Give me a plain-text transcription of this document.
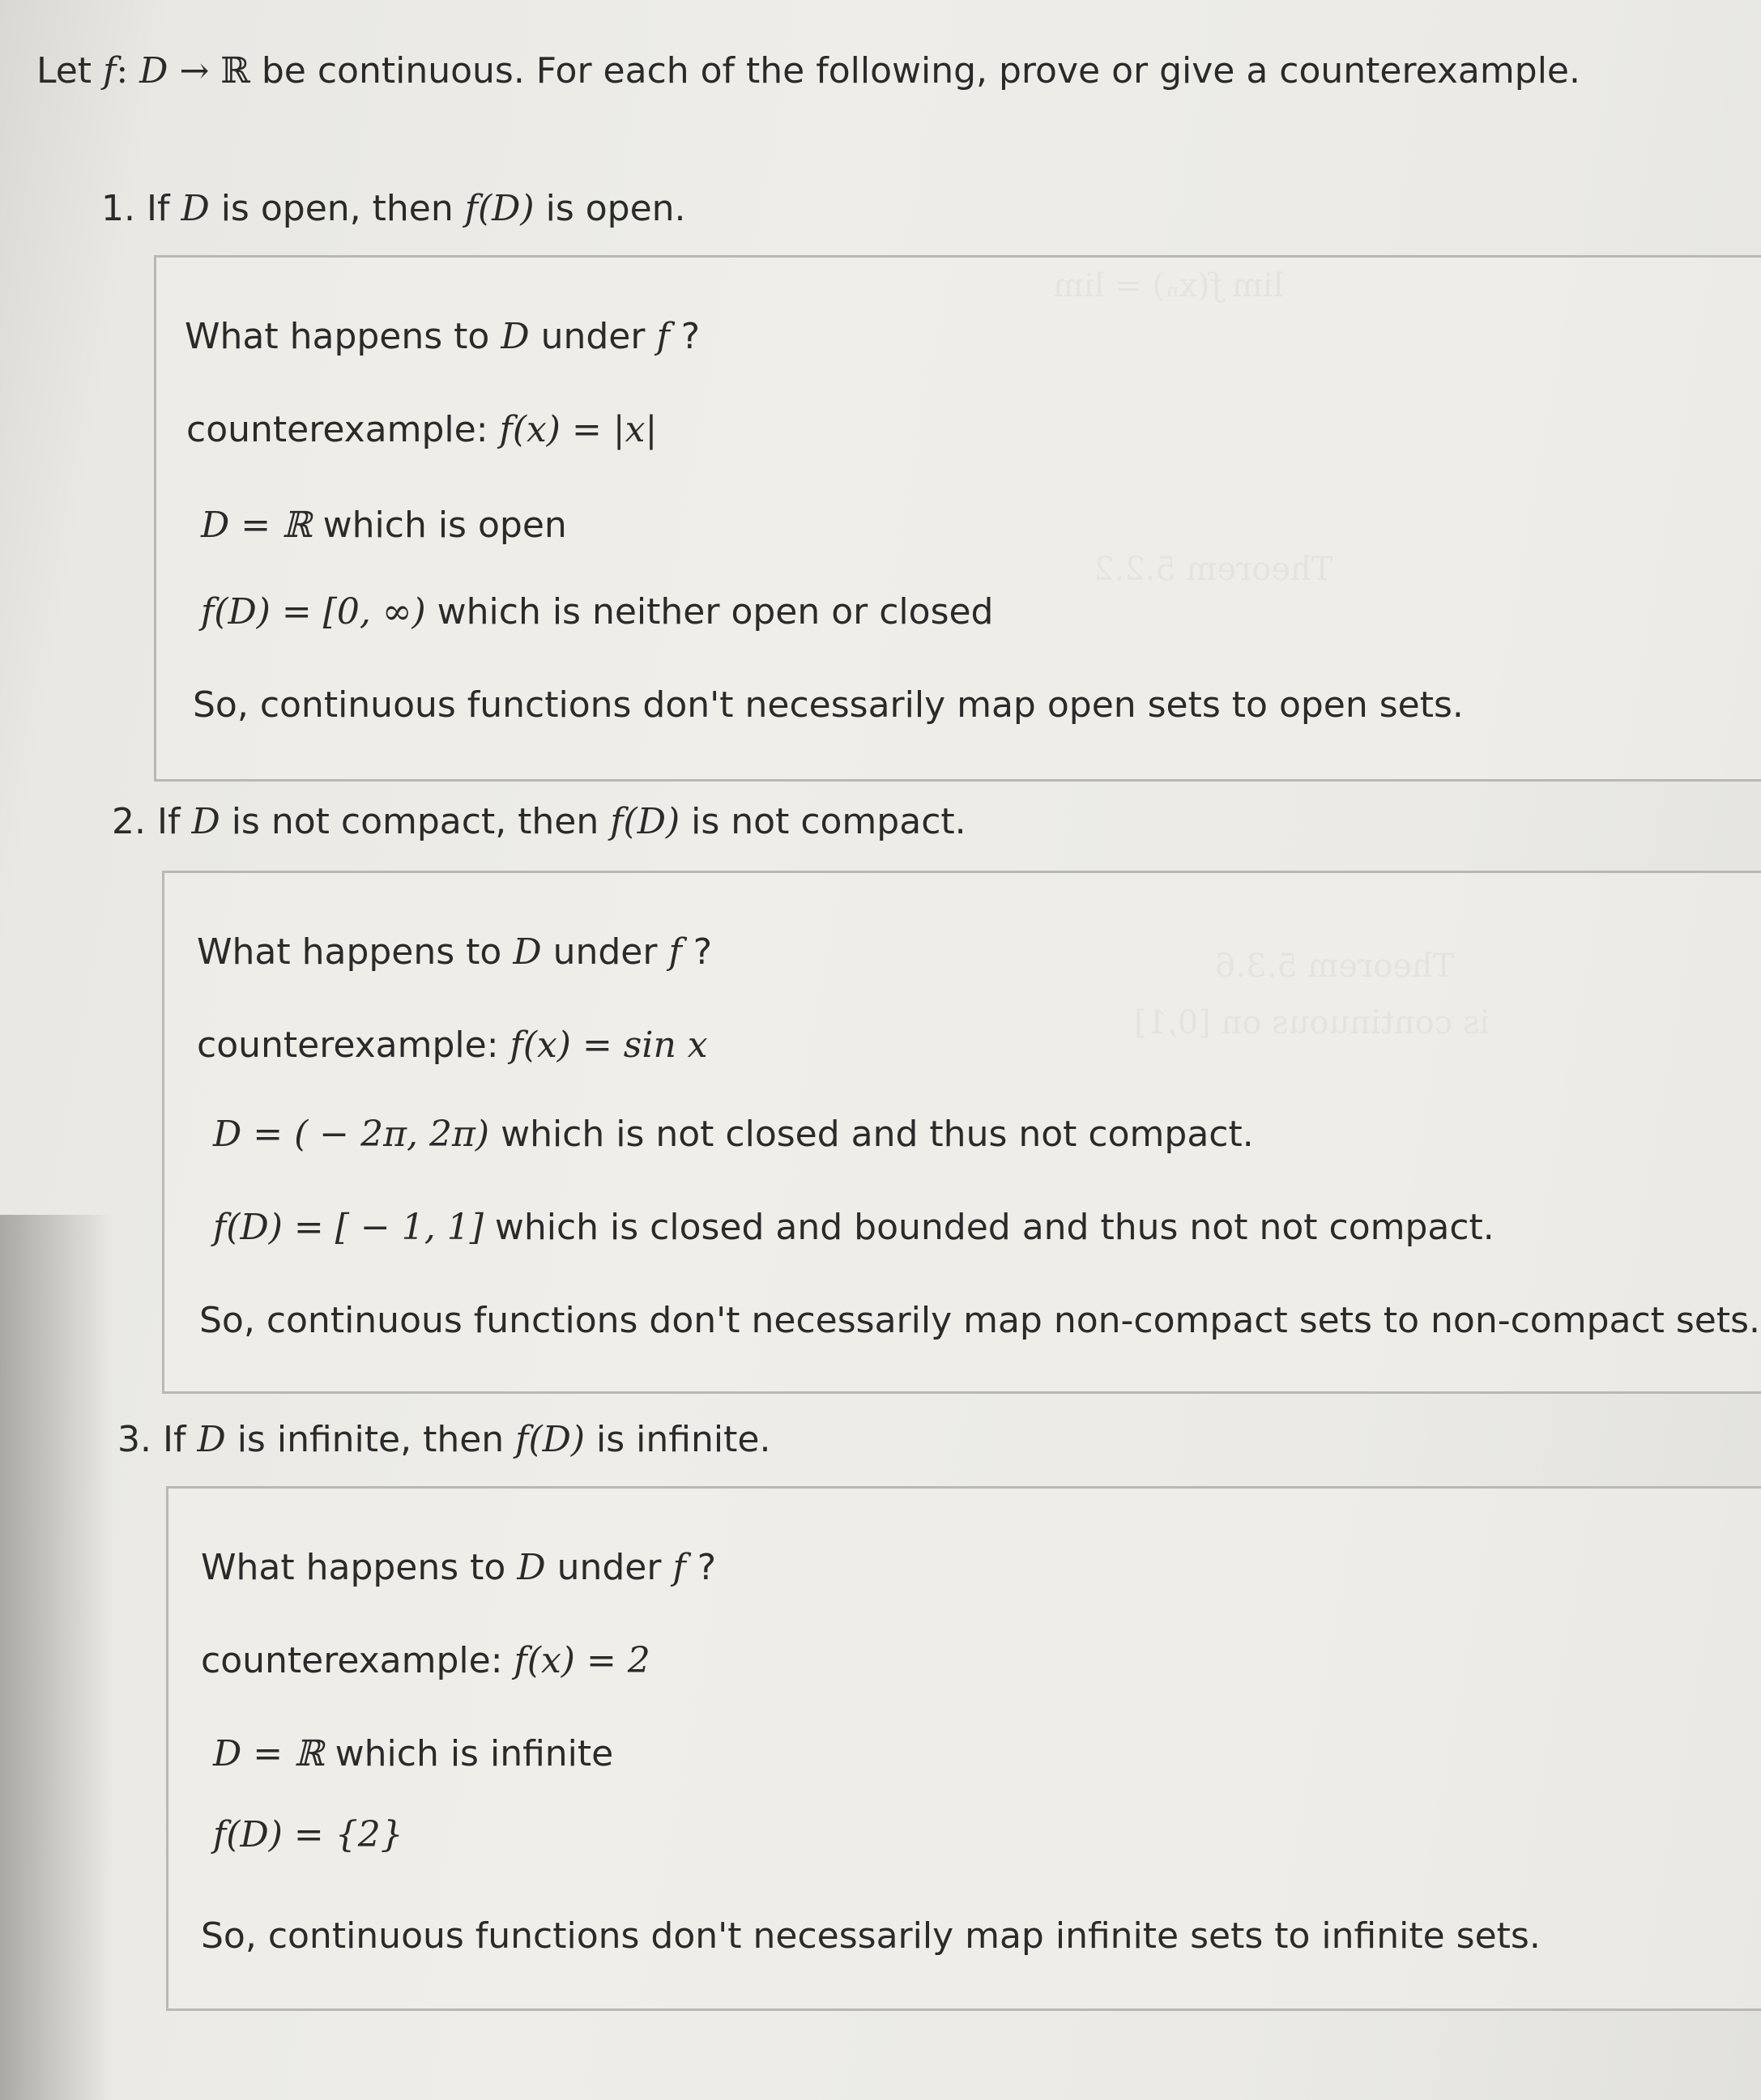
Let f: D → ℝ be continuous. For each of the following, prove or give a counterexample.
1. If D is open, then f(D) is open.
What happens to D under f ?
counterexample: f(x) = |x|
D = ℝ which is open
f(D) = [0, ∞) which is neither open or closed
So, continuous functions don't necessarily map open sets to open sets.
2. If D is not compact, then f(D) is not compact.
What happens to D under f ?
counterexample: f(x) = sin x
D = ( − 2π, 2π) which is not closed and thus not compact.
f(D) = [ − 1, 1] which is closed and bounded and thus not not compact.
So, continuous functions don't necessarily map non-compact sets to non-compact sets.
3. If D is infinite, then f(D) is infinite.
What happens to D under f ?
counterexample: f(x) = 2
D = ℝ which is infinite
f(D) = {2}
So, continuous functions don't necessarily map infinite sets to infinite sets.
